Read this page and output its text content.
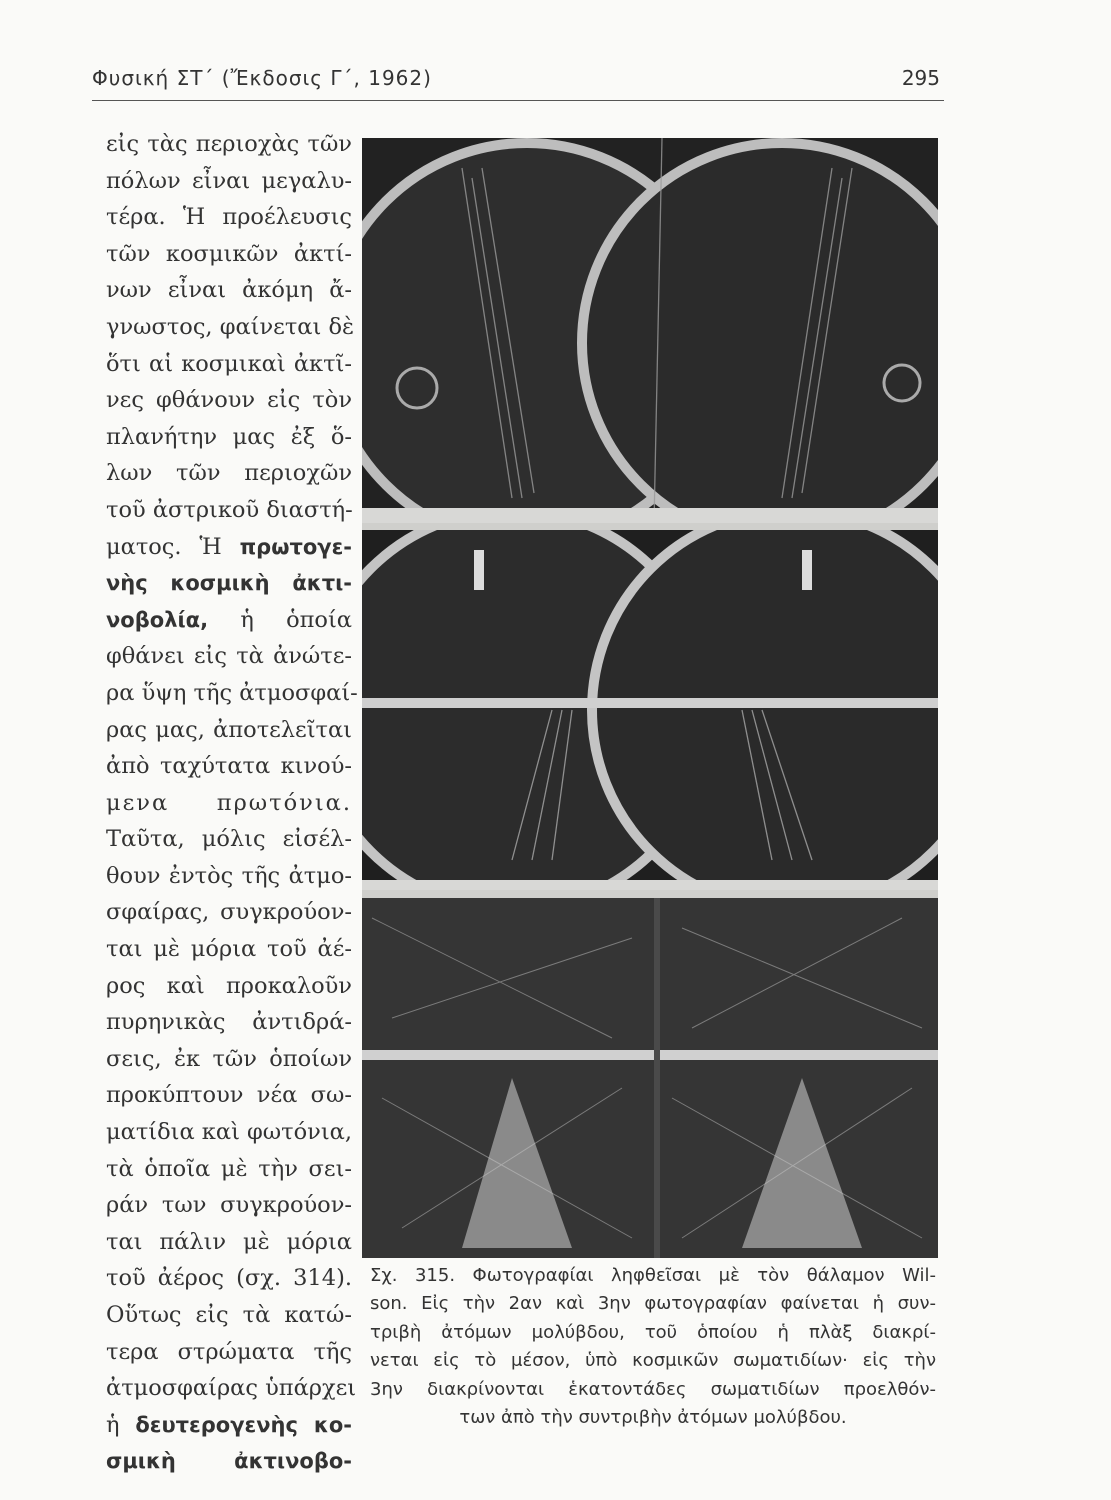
Φυσική ΣΤ΄ (Ἔκδοσις Γ΄, 1962)	295
εἰς τὰς περιοχὰς τῶν
πόλων εἶναι μεγαλυ-
τέρα. Ἡ προέλευσις
τῶν κοσμικῶν ἀκτί-
νων εἶναι ἀκόμη ἄ-
γνωστος, φαίνεται δὲ
ὅτι αἱ κοσμικαὶ ἀκτῖ-
νες φθάνουν εἰς τὸν
πλανήτην μας ἐξ ὅ-
λων τῶν περιοχῶν
τοῦ ἀστρικοῦ διαστή-
ματος. Ἡ πρωτογε-
νὴς κοσμικὴ ἀκτι-
νοβολία, ἡ ὁποία
φθάνει εἰς τὰ ἀνώτε-
ρα ὕψη τῆς ἀτμοσφαί-
ρας μας, ἀποτελεῖται
ἀπὸ ταχύτατα κινού-
μενα πρωτόνια.
Ταῦτα, μόλις εἰσέλ-
θουν ἐντὸς τῆς ἀτμο-
σφαίρας, συγκρούον-
ται μὲ μόρια τοῦ ἀέ-
ρος καὶ προκαλοῦν
πυρηνικὰς ἀντιδρά-
σεις, ἐκ τῶν ὁποίων
προκύπτουν νέα σω-
ματίδια καὶ φωτόνια,
τὰ ὁποῖα μὲ τὴν σει-
ράν των συγκρούον-
ται πάλιν μὲ μόρια
τοῦ ἀέρος (σχ. 314).
Οὕτως εἰς τὰ κατώ-
τερα στρώματα τῆς
ἀτμοσφαίρας ὑπάρχει
ἡ δευτερογενὴς κο-
σμικὴ	ἀκτινοβο-
Σχ. 315. Φωτογραφίαι ληφθεῖσαι μὲ τὸν θάλαμον Wil-
son. Εἰς τὴν 2αν καὶ 3ην φωτογραφίαν φαίνεται ἡ συν-
τριβὴ ἀτόμων μολύβδου, τοῦ ὁποίου ἡ πλὰξ διακρί-
νεται εἰς τὸ μέσον, ὑπὸ κοσμικῶν σωματιδίων· εἰς τὴν
3ην διακρίνονται ἑκατοντάδες σωματιδίων προελθόν-
των ἀπὸ τὴν συντριβὴν ἀτόμων μολύβδου.
